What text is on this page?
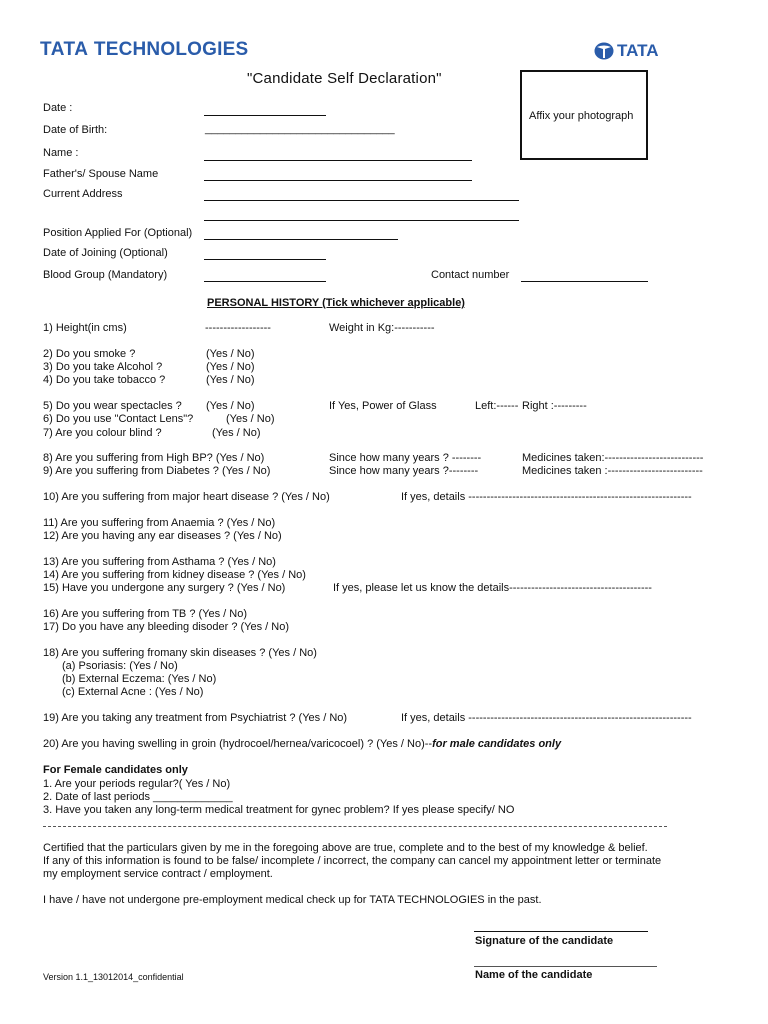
TATA TECHNOLOGIES	TATA
"Candidate Self Declaration"
Affix your photograph
Date :
Date of Birth:	_______________________________
Name :
Father's/ Spouse Name
Current Address
Position Applied For (Optional)
Date of Joining (Optional)
Blood Group (Mandatory)	Contact number
PERSONAL HISTORY (Tick whichever applicable)
1) Height(in cms)	------------------	Weight in Kg:-----------
2) Do you smoke ?	(Yes / No)
3) Do you take Alcohol ?	(Yes / No)
4) Do you take tobacco ?	(Yes / No)
5) Do you wear spectacles ? (Yes / No)	If Yes, Power of Glass	Left:------ Right :---------
6) Do you use "Contact Lens"?	(Yes / No)
7) Are you colour blind ?	(Yes / No)
8) Are you suffering from High BP? (Yes / No)	Since how many years ? --------	Medicines taken:---------------------------
9) Are you suffering from Diabetes ? (Yes / No)	Since how many years ?--------	Medicines taken :--------------------------
10) Are you suffering from major heart disease ? (Yes / No)	If yes, details -------------------------------------------------------------
11) Are you suffering from Anaemia ? (Yes / No)
12) Are you having any ear diseases ? (Yes / No)
13) Are you suffering from Asthama ? (Yes / No)
14) Are you suffering from kidney disease ? (Yes / No)
15) Have you undergone any surgery ? (Yes / No)	If yes, please let us know the details---------------------------------------
16) Are you suffering from TB ? (Yes / No)
17) Do you have any bleeding disoder ? (Yes / No)
18) Are you suffering fromany skin diseases ? (Yes / No)
(a) Psoriasis: (Yes / No)
(b) External Eczema: (Yes / No)
(c) External Acne : (Yes / No)
19) Are you taking any treatment from Psychiatrist ? (Yes / No)	If yes, details -------------------------------------------------------------
20) Are you having swelling in groin (hydrocoel/hernea/varicocoel) ? (Yes / No)--for male candidates only
For Female candidates only
1. Are your periods regular?( Yes / No)
2. Date of last periods _____________
3. Have you taken any long-term medical treatment for gynec problem? If yes please specify/ NO
Certified that the particulars given by me in the foregoing above are true, complete and to the best of my knowledge & belief.
If any of this information is found to be false/ incomplete / incorrect, the company can cancel my appointment letter or terminate
my employment service contract / employment.
I have / have not undergone pre-employment medical check up for TATA TECHNOLOGIES in the past.
Signature of the candidate
Name of the candidate
Version 1.1_13012014_confidential
